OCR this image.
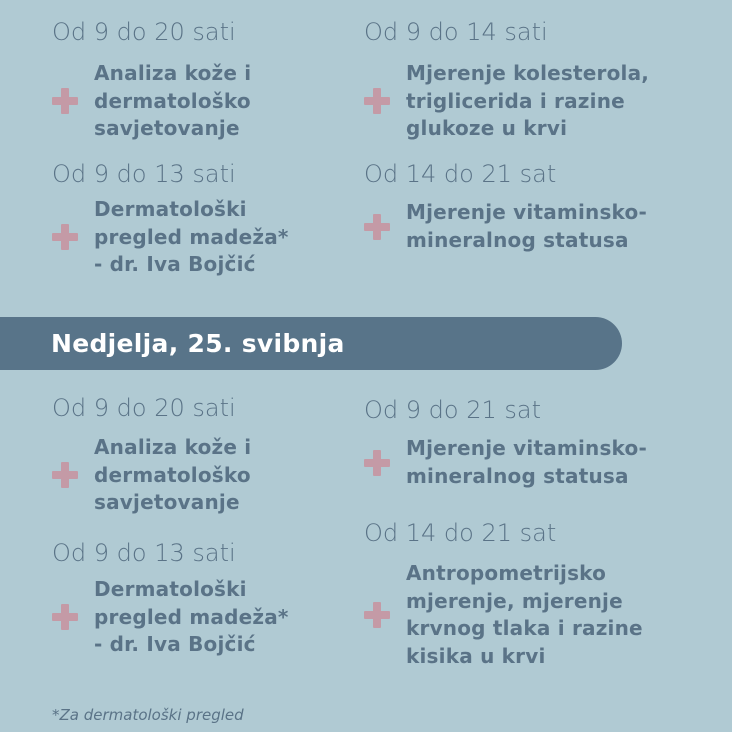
Od 9 do 20 sati
Analiza kože i
dermatološko
savjetovanje
Od 9 do 13 sati
Dermatološki
pregled madeža*
- dr. Iva Bojčić
Od 9 do 14 sati
Mjerenje kolesterola,
triglicerida i razine
glukoze u krvi
Od 14 do 21 sat
Mjerenje vitaminsko-
mineralnog statusa
Nedjelja, 25. svibnja
Od 9 do 20 sati
Analiza kože i
dermatološko
savjetovanje
Od 9 do 13 sati
Dermatološki
pregled madeža*
- dr. Iva Bojčić
Od 9 do 21 sat
Mjerenje vitaminsko-
mineralnog statusa
Od 14 do 21 sat
Antropometrijsko
mjerenje, mjerenje
krvnog tlaka i razine
kisika u krvi
*Za dermatološki pregled
